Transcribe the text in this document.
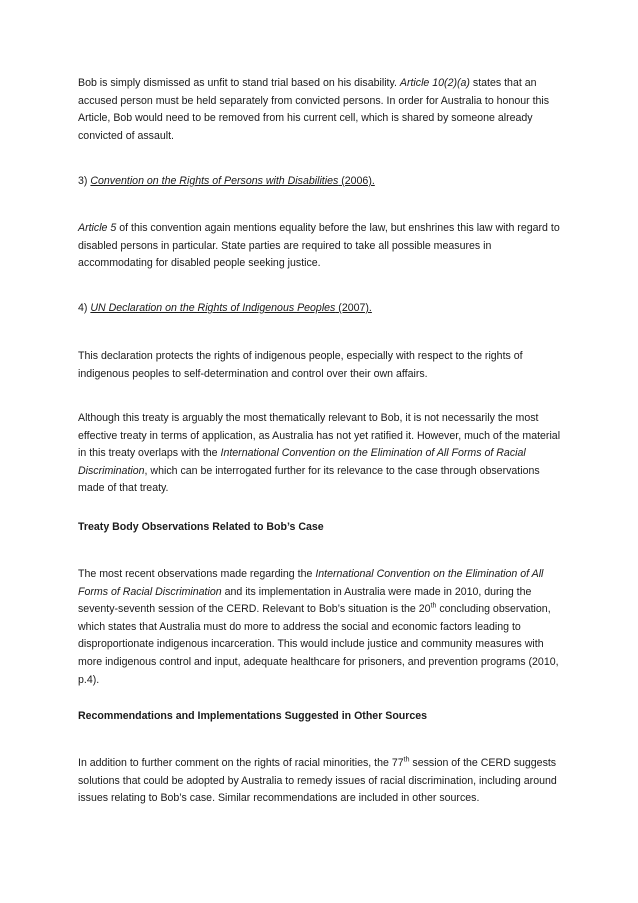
Bob is simply dismissed as unfit to stand trial based on his disability. Article 10(2)(a) states that an accused person must be held separately from convicted persons. In order for Australia to honour this Article, Bob would need to be removed from his current cell, which is shared by someone already convicted of assault.

3) Convention on the Rights of Persons with Disabilities (2006).

Article 5 of this convention again mentions equality before the law, but enshrines this law with regard to disabled persons in particular. State parties are required to take all possible measures in accommodating for disabled people seeking justice.

4) UN Declaration on the Rights of Indigenous Peoples (2007).

This declaration protects the rights of indigenous people, especially with respect to the rights of indigenous peoples to self-determination and control over their own affairs.

Although this treaty is arguably the most thematically relevant to Bob, it is not necessarily the most effective treaty in terms of application, as Australia has not yet ratified it. However, much of the material in this treaty overlaps with the International Convention on the Elimination of All Forms of Racial Discrimination, which can be interrogated further for its relevance to the case through observations made of that treaty.

Treaty Body Observations Related to Bob’s Case

The most recent observations made regarding the International Convention on the Elimination of All Forms of Racial Discrimination and its implementation in Australia were made in 2010, during the seventy-seventh session of the CERD. Relevant to Bob’s situation is the 20th concluding observation, which states that Australia must do more to address the social and economic factors leading to disproportionate indigenous incarceration. This would include justice and community measures with more indigenous control and input, adequate healthcare for prisoners, and prevention programs (2010, p.4).

Recommendations and Implementations Suggested in Other Sources

In addition to further comment on the rights of racial minorities, the 77th session of the CERD suggests solutions that could be adopted by Australia to remedy issues of racial discrimination, including around issues relating to Bob’s case. Similar recommendations are included in other sources.
